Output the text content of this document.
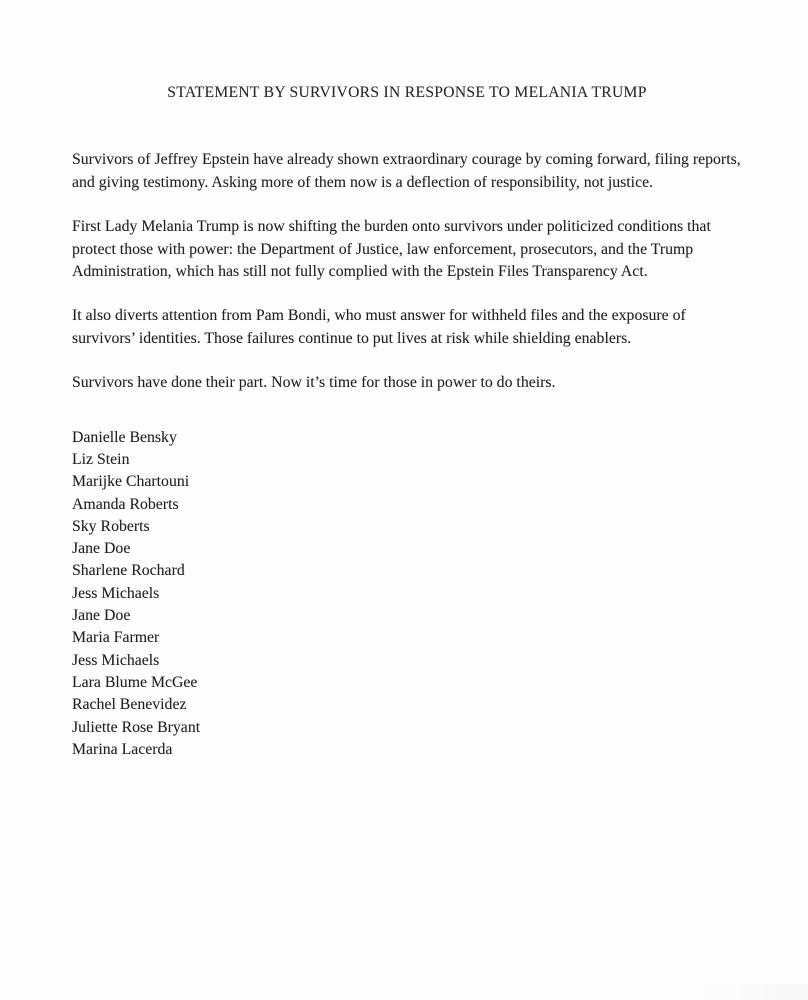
STATEMENT BY SURVIVORS IN RESPONSE TO MELANIA TRUMP

Survivors of Jeffrey Epstein have already shown extraordinary courage by coming forward, filing reports, and giving testimony. Asking more of them now is a deflection of responsibility, not justice.

First Lady Melania Trump is now shifting the burden onto survivors under politicized conditions that protect those with power: the Department of Justice, law enforcement, prosecutors, and the Trump Administration, which has still not fully complied with the Epstein Files Transparency Act.

It also diverts attention from Pam Bondi, who must answer for withheld files and the exposure of survivors’ identities. Those failures continue to put lives at risk while shielding enablers.

Survivors have done their part. Now it’s time for those in power to do theirs.

Danielle Bensky
Liz Stein
Marijke Chartouni
Amanda Roberts
Sky Roberts
Jane Doe
Sharlene Rochard
Jess Michaels
Jane Doe
Maria Farmer
Jess Michaels
Lara Blume McGee
Rachel Benevidez
Juliette Rose Bryant
Marina Lacerda
